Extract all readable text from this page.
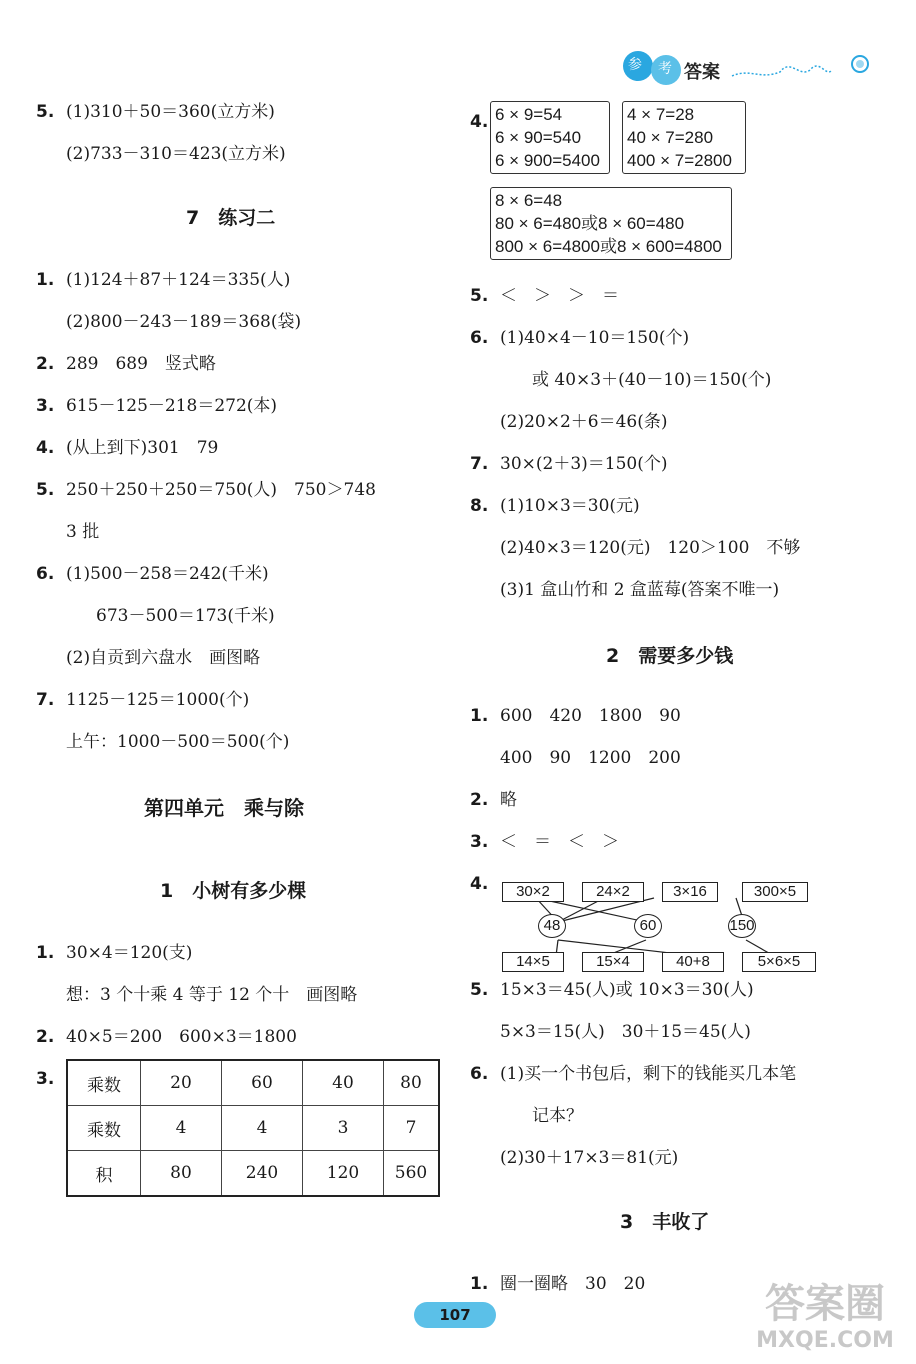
参 考 答案
5. (1)310＋50＝360(立方米)
(2)733－310＝423(立方米)
7　练习二
1. (1)124＋87＋124＝335(人)
(2)800－243－189＝368(袋)
2. 289　689　竖式略
3. 615－125－218＝272(本)
4. (从上到下)301　79
5. 250＋250＋250＝750(人)　750＞748
3 批
6. (1)500－258＝242(千米)
673－500＝173(千米)
(2)自贡到六盘水　画图略
7. 1125－125＝1000(个)
上午：1000－500＝500(个)
第四单元　乘与除
1　小树有多少棵
1. 30×4＝120(支)
想：3 个十乘 4 等于 12 个十　画图略
2. 40×5＝200　600×3＝1800
3.	乘数	20	60	40	80
乘数	4	4	3	7
积	80	240	120	560
4. 6 × 9=54
6 × 90=540
6 × 900=5400
4 × 7=28
40 × 7=280
400 × 7=2800
8 × 6=48
80 × 6=480或8 × 60=480
800 × 6=4800或8 × 600=4800
5. ＜　＞　＞　＝
6. (1)40×4－10＝150(个)
或 40×3＋(40－10)＝150(个)
(2)20×2＋6＝46(条)
7. 30×(2＋3)＝150(个)
8. (1)10×3＝30(元)
(2)40×3＝120(元)　120＞100　不够
(3)1 盒山竹和 2 盒蓝莓(答案不唯一)
2　需要多少钱
1. 600　420　1800　90
400　90　1200　200
2. 略
3. ＜　＝　＜　＞
4.	30×2	24×2	3×16	300×5
48	60	150
14×5	15×4	40+8	5×6×5
5. 15×3＝45(人)或 10×3＝30(人)
5×3＝15(人)　30＋15＝45(人)
6. (1)买一个书包后，剩下的钱能买几本笔
记本？
(2)30＋17×3＝81(元)
3　丰收了
1. 圈一圈略　30　20
107	答案圈
MXQE.COM
